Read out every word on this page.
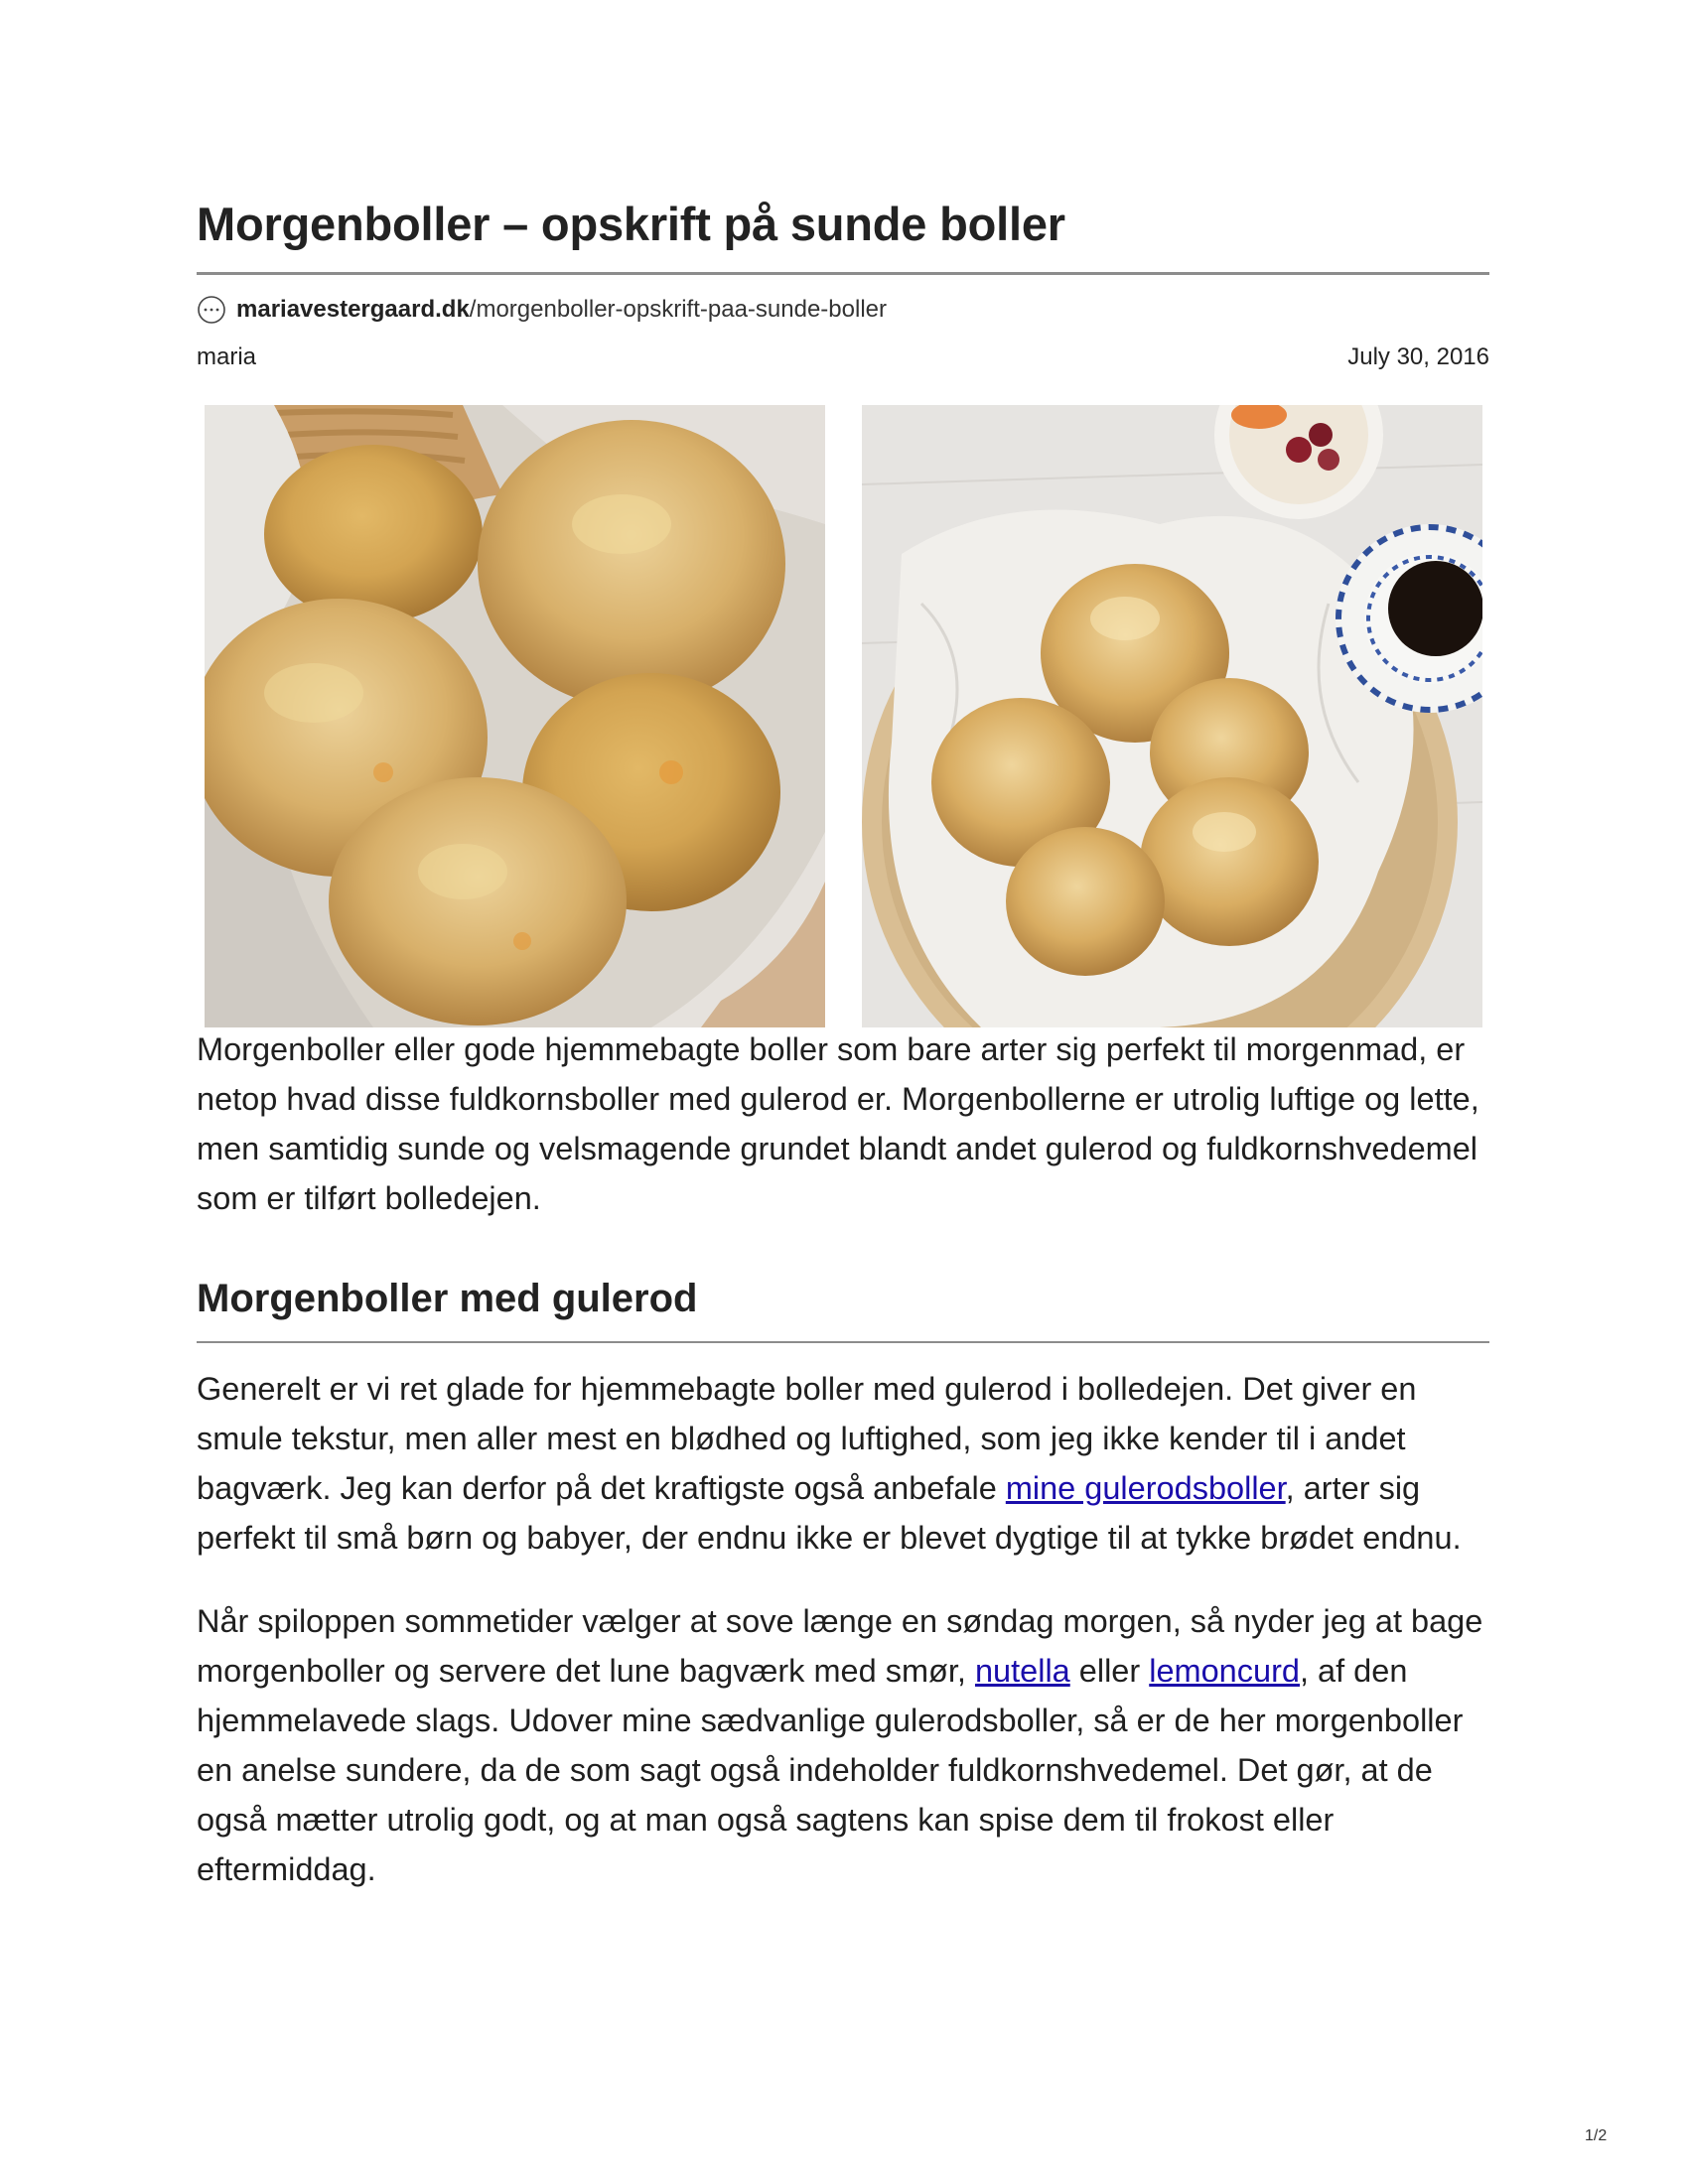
Morgenboller – opskrift på sunde boller
mariavestergaard.dk /morgenboller-opskrift-paa-sunde-boller
maria	July 30, 2016

Morgenboller eller gode hjemmebagte boller som bare arter sig perfekt til morgenmad, er netop hvad disse fuldkornsboller med gulerod er. Morgenbollerne er utrolig luftige og lette, men samtidig sunde og velsmagende grundet blandt andet gulerod og fuldkornshvedemel som er tilført bolledejen.

Morgenboller med gulerod

Generelt er vi ret glade for hjemmebagte boller med gulerod i bolledejen. Det giver en smule tekstur, men aller mest en blødhed og luftighed, som jeg ikke kender til i andet bagværk. Jeg kan derfor på det kraftigste også anbefale mine gulerodsboller, arter sig perfekt til små børn og babyer, der endnu ikke er blevet dygtige til at tykke brødet endnu.

Når spiloppen sommetider vælger at sove længe en søndag morgen, så nyder jeg at bage morgenboller og servere det lune bagværk med smør, nutella eller lemoncurd, af den hjemmelavede slags. Udover mine sædvanlige gulerodsboller, så er de her morgenboller en anelse sundere, da de som sagt også indeholder fuldkornshvedemel. Det gør, at de også mætter utrolig godt, og at man også sagtens kan spise dem til frokost eller eftermiddag.

1/2
